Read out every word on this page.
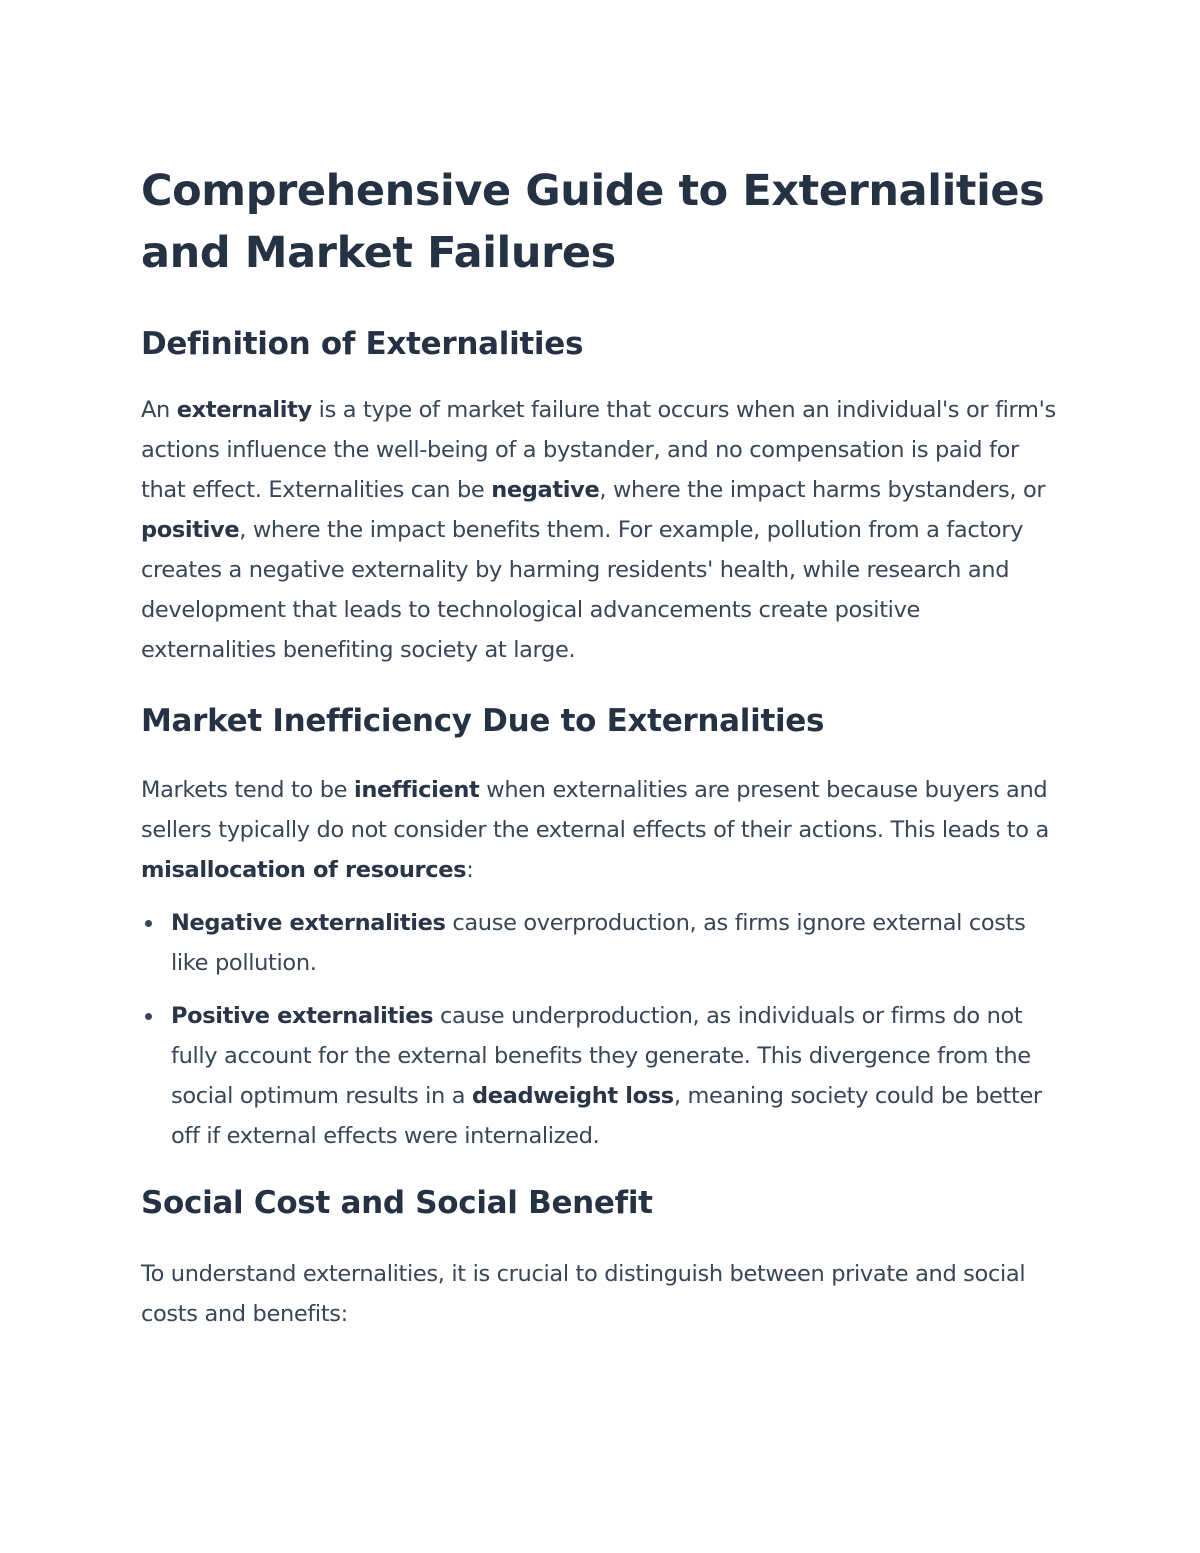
Comprehensive Guide to Externalities and Market Failures
Definition of Externalities

An externality is a type of market failure that occurs when an individual's or firm's actions influence the well-being of a bystander, and no compensation is paid for that effect. Externalities can be negative, where the impact harms bystanders, or positive, where the impact benefits them. For example, pollution from a factory creates a negative externality by harming residents' health, while research and development that leads to technological advancements create positive externalities benefiting society at large.

Market Inefficiency Due to Externalities

Markets tend to be inefficient when externalities are present because buyers and sellers typically do not consider the external effects of their actions. This leads to a misallocation of resources:

Negative externalities cause overproduction, as firms ignore external costs like pollution.
Positive externalities cause underproduction, as individuals or firms do not fully account for the external benefits they generate. This divergence from the social optimum results in a deadweight loss, meaning society could be better off if external effects were internalized.
Social Cost and Social Benefit

To understand externalities, it is crucial to distinguish between private and social costs and benefits:
